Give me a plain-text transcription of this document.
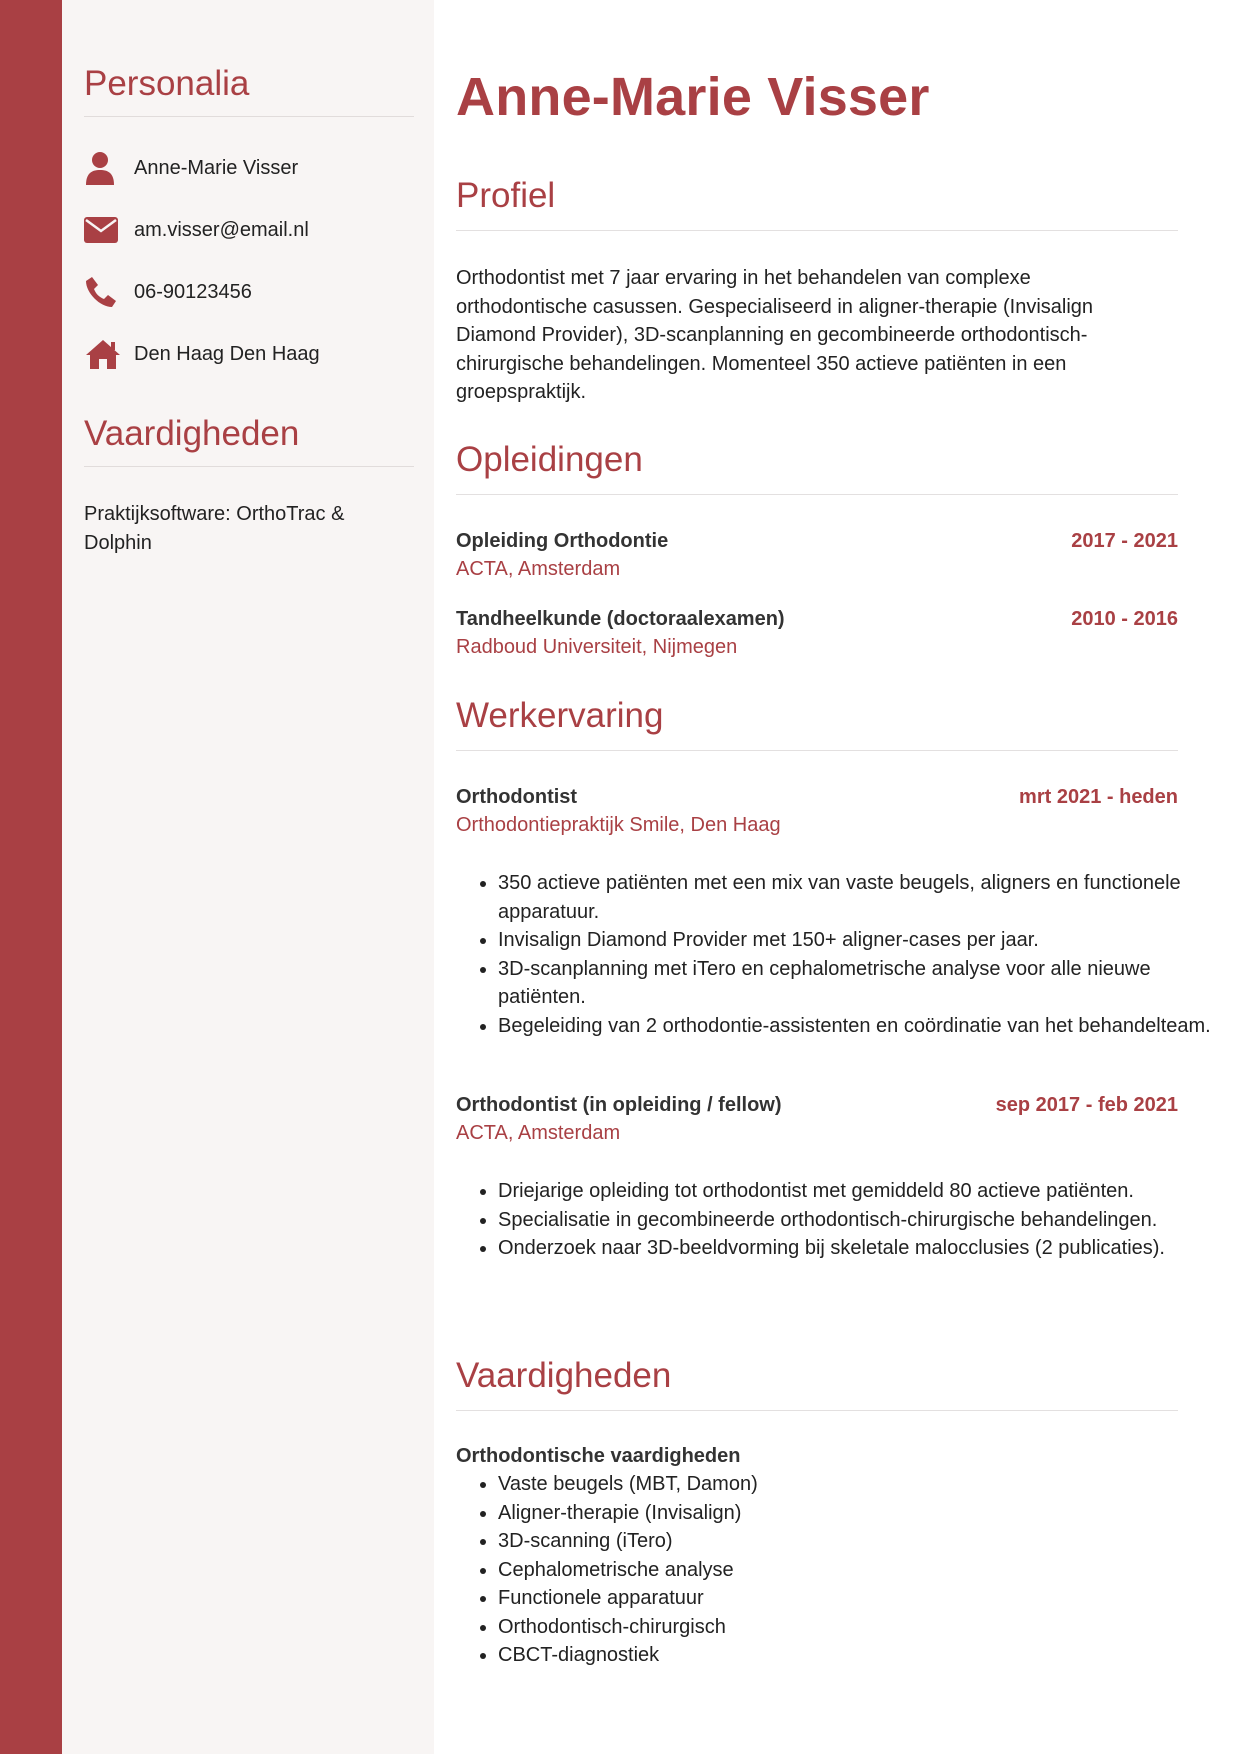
Personalia
Anne-Marie Visser
am.visser@email.nl
06-90123456
Den Haag Den Haag
Vaardigheden
Praktijksoftware: OrthoTrac & Dolphin
Anne-Marie Visser
Profiel

Orthodontist met 7 jaar ervaring in het behandelen van complexe orthodontische casussen. Gespecialiseerd in aligner-therapie (Invisalign Diamond Provider), 3D-scanplanning en gecombineerde orthodontisch-chirurgische behandelingen. Momenteel 350 actieve patiënten in een groepspraktijk.

Opleidingen
Opleiding Orthodontie	2017 - 2021
ACTA, Amsterdam
Tandheelkunde (doctoraalexamen)	2010 - 2016
Radboud Universiteit, Nijmegen
Werkervaring
Orthodontist	mrt 2021 - heden
Orthodontiepraktijk Smile, Den Haag
• 350 actieve patiënten met een mix van vaste beugels, aligners en functionele apparatuur.
• Invisalign Diamond Provider met 150+ aligner-cases per jaar.
• 3D-scanplanning met iTero en cephalometrische analyse voor alle nieuwe patiënten.
• Begeleiding van 2 orthodontie-assistenten en coördinatie van het behandelteam.
Orthodontist (in opleiding / fellow)	sep 2017 - feb 2021
ACTA, Amsterdam
• Driejarige opleiding tot orthodontist met gemiddeld 80 actieve patiënten.
• Specialisatie in gecombineerde orthodontisch-chirurgische behandelingen.
• Onderzoek naar 3D-beeldvorming bij skeletale malocclusies (2 publicaties).
Vaardigheden
Orthodontische vaardigheden
• Vaste beugels (MBT, Damon)
• Aligner-therapie (Invisalign)
• 3D-scanning (iTero)
• Cephalometrische analyse
• Functionele apparatuur
• Orthodontisch-chirurgisch
• CBCT-diagnostiek
